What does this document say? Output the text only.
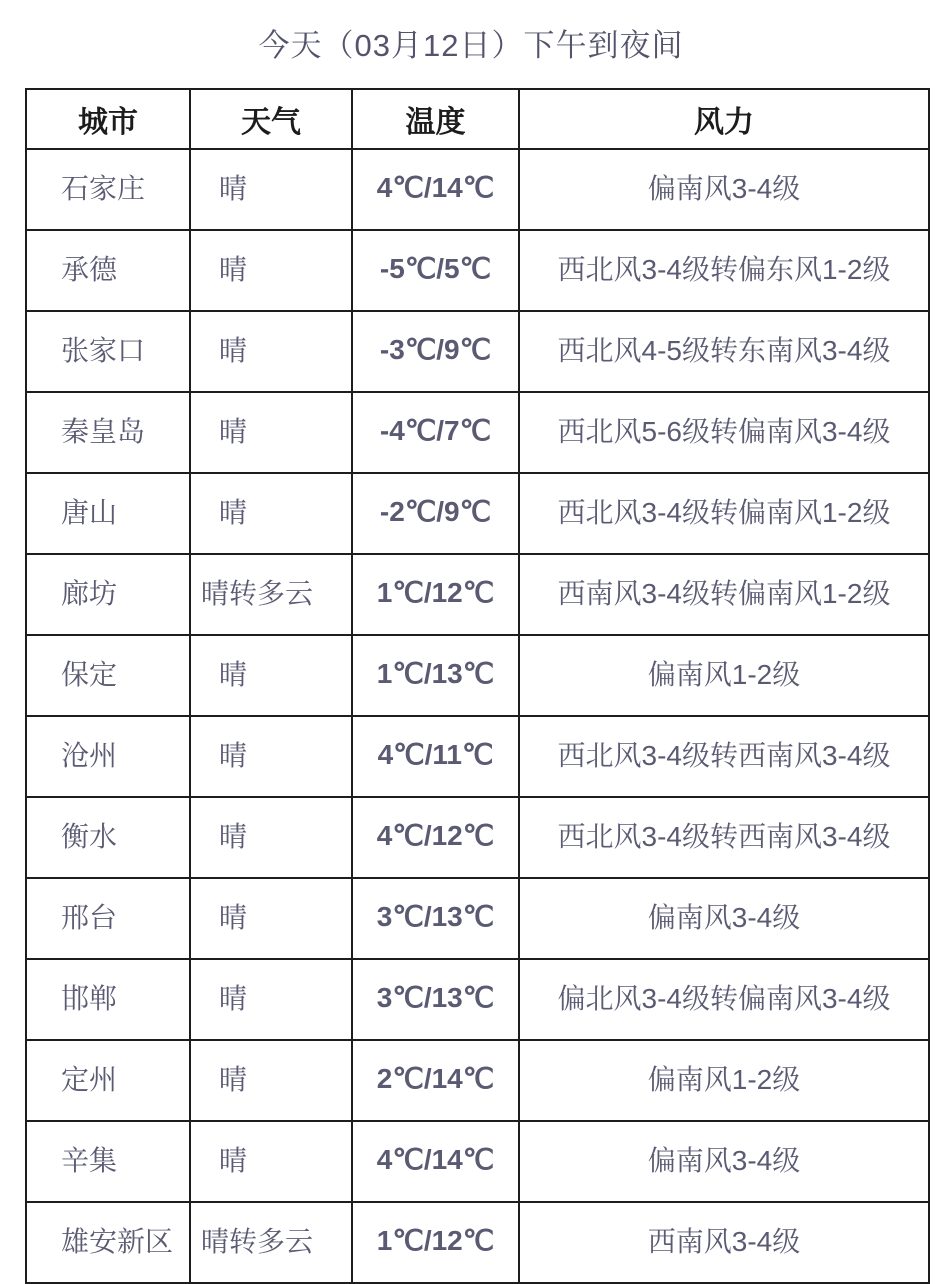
今天（03月12日）下午到夜间
城市	天气	温度	风力
石家庄	晴	4℃/14℃	偏南风3-4级
承德	晴	-5℃/5℃	西北风3-4级转偏东风1-2级
张家口	晴	-3℃/9℃	西北风4-5级转东南风3-4级
秦皇岛	晴	-4℃/7℃	西北风5-6级转偏南风3-4级
唐山	晴	-2℃/9℃	西北风3-4级转偏南风1-2级
廊坊	晴转多云	1℃/12℃	西南风3-4级转偏南风1-2级
保定	晴	1℃/13℃	偏南风1-2级
沧州	晴	4℃/11℃	西北风3-4级转西南风3-4级
衡水	晴	4℃/12℃	西北风3-4级转西南风3-4级
邢台	晴	3℃/13℃	偏南风3-4级
邯郸	晴	3℃/13℃	偏北风3-4级转偏南风3-4级
定州	晴	2℃/14℃	偏南风1-2级
辛集	晴	4℃/14℃	偏南风3-4级
雄安新区	晴转多云	1℃/12℃	西南风3-4级
